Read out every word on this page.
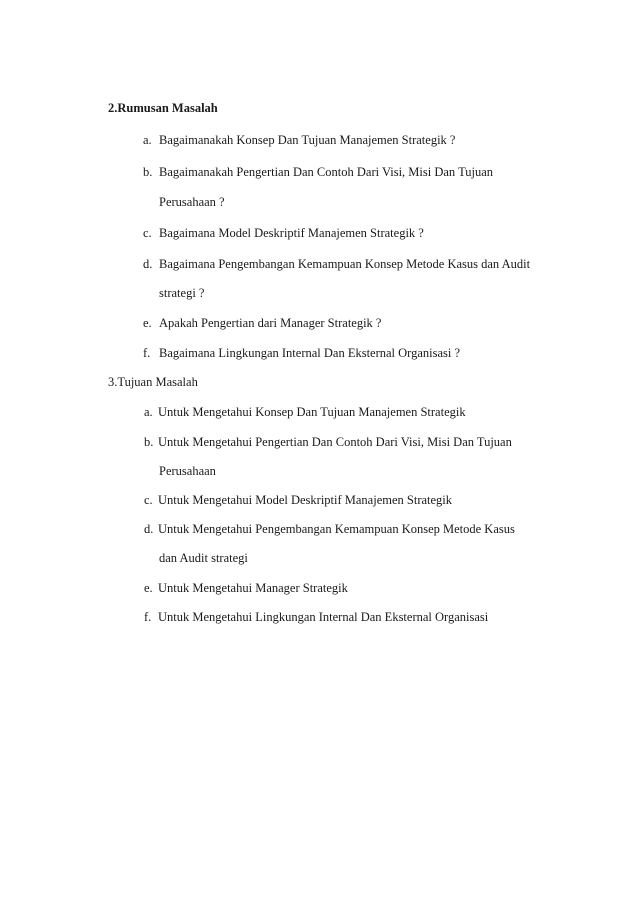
2.Rumusan Masalah
a. Bagaimanakah Konsep Dan Tujuan Manajemen Strategik ?
b. Bagaimanakah Pengertian Dan Contoh Dari Visi, Misi Dan Tujuan
Perusahaan ?
c. Bagaimana Model Deskriptif Manajemen Strategik ?
d. Bagaimana Pengembangan Kemampuan Konsep Metode Kasus dan Audit
strategi ?
e. Apakah Pengertian dari Manager Strategik ?
f. Bagaimana Lingkungan Internal Dan Eksternal Organisasi ?
3.Tujuan Masalah
a. Untuk Mengetahui Konsep Dan Tujuan Manajemen Strategik
b. Untuk Mengetahui Pengertian Dan Contoh Dari Visi, Misi Dan Tujuan
Perusahaan
c. Untuk Mengetahui Model Deskriptif Manajemen Strategik
d. Untuk Mengetahui Pengembangan Kemampuan Konsep Metode Kasus
dan Audit strategi
e. Untuk Mengetahui Manager Strategik
f. Untuk Mengetahui Lingkungan Internal Dan Eksternal Organisasi
